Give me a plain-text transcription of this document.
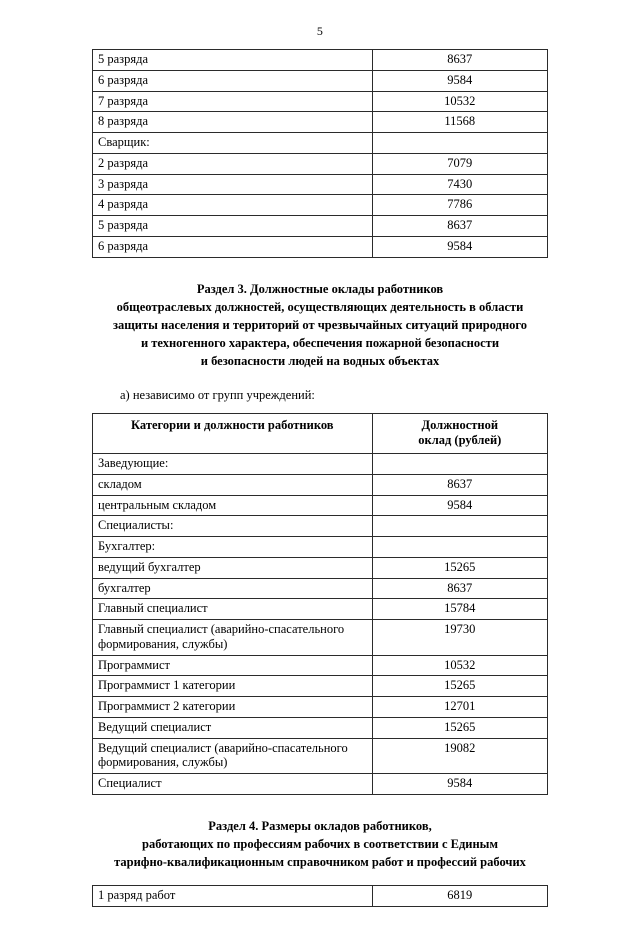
5
5 разряда	8637
6 разряда	9584
7 разряда	10532
8 разряда	11568
Сварщик:	
2 разряда	7079
3 разряда	7430
4 разряда	7786
5 разряда	8637
6 разряда	9584
Раздел 3. Должностные оклады работников
общеотраслевых должностей, осуществляющих деятельность в области
защиты населения и территорий от чрезвычайных ситуаций природного
и техногенного характера, обеспечения пожарной безопасности
и безопасности людей на водных объектах
а) независимо от групп учреждений:
Категории и должности работников	Должностной
оклад (рублей)
Заведующие:	
складом	8637
центральным складом	9584
Специалисты:	
Бухгалтер:	
ведущий бухгалтер	15265
бухгалтер	8637
Главный специалист	15784
Главный специалист (аварийно-спасательного формирования, службы)	19730
Программист	10532
Программист 1 категории	15265
Программист 2 категории	12701
Ведущий специалист	15265
Ведущий специалист (аварийно-спасательного формирования, службы)	19082
Специалист	9584
Раздел 4. Размеры окладов работников,
работающих по профессиям рабочих в соответствии с Единым
тарифно-квалификационным справочником работ и профессий рабочих
1 разряд работ	6819
